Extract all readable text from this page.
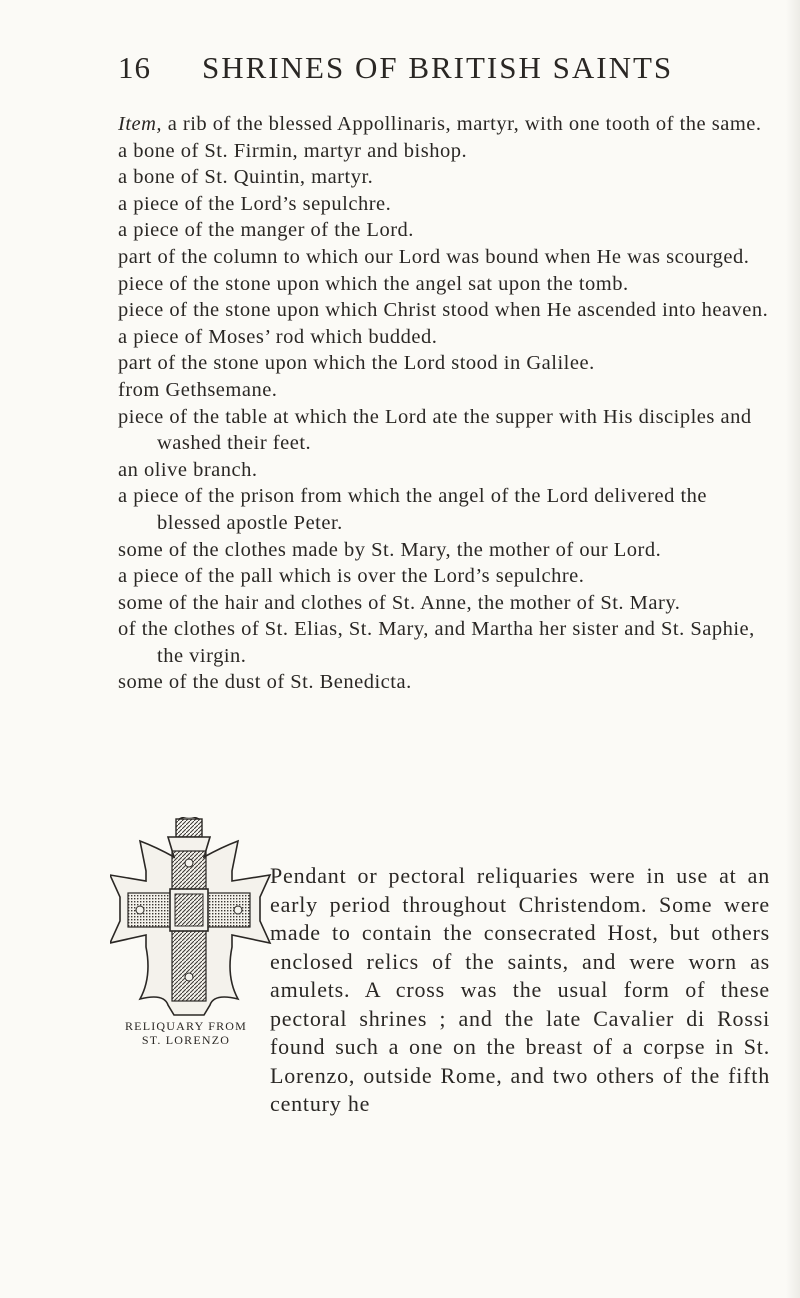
16 SHRINES OF BRITISH SAINTS
Item, a rib of the blessed Appollinaris, martyr, with one tooth of the same.
a bone of St. Firmin, martyr and bishop.
a bone of St. Quintin, martyr.
a piece of the Lord’s sepulchre.
a piece of the manger of the Lord.
part of the column to which our Lord was bound when He was scourged.
piece of the stone upon which the angel sat upon the tomb.
piece of the stone upon which Christ stood when He ascended into heaven.
a piece of Moses’ rod which budded.
part of the stone upon which the Lord stood in Galilee.
from Gethsemane.
piece of the table at which the Lord ate the supper with His disciples and washed their feet.
an olive branch.
a piece of the prison from which the angel of the Lord delivered the blessed apostle Peter.
some of the clothes made by St. Mary, the mother of our Lord.
a piece of the pall which is over the Lord’s sepulchre.
some of the hair and clothes of St. Anne, the mother of St. Mary.
of the clothes of St. Elias, St. Mary, and Martha her sister and St. Saphie, the virgin.
some of the dust of St. Benedicta.
RELIQUARY FROM
ST. LORENZO
Pendant or pectoral reliquaries were in use at an early period throughout Christendom. Some were made to contain the consecrated Host, but others enclosed relics of the saints, and were worn as amulets. A cross was the usual form of these pectoral shrines ; and the late Cavalier di Rossi found such a one on the breast of a corpse in St. Lorenzo, outside Rome, and two others of the fifth century he
